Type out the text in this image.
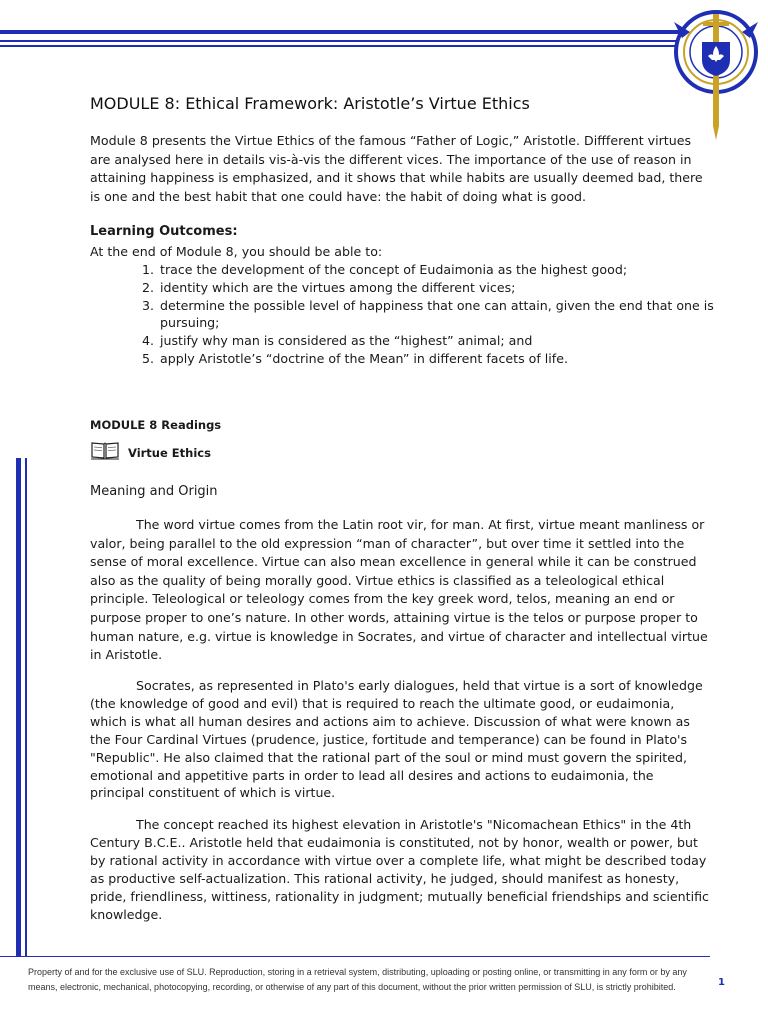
MODULE 8: Ethical Framework: Aristotle’s Virtue Ethics

Module 8 presents the Virtue Ethics of the famous “Father of Logic,” Aristotle. Diffferent virtues are analysed here in details vis-à-vis the different vices. The importance of the use of reason in attaining happiness is emphasized, and it shows that while habits are usually deemed bad, there is one and the best habit that one could have: the habit of doing what is good.

Learning Outcomes:
At the end of Module 8, you should be able to:
1. trace the development of the concept of Eudaimonia as the highest good;
2. identity which are the virtues among the different vices;
3. determine the possible level of happiness that one can attain, given the end that one is pursuing;
4. justify why man is considered as the “highest” animal; and
5. apply Aristotle’s “doctrine of the Mean” in different facets of life.
MODULE 8 Readings
Virtue Ethics
Meaning and Origin

The word virtue comes from the Latin root vir, for man. At first, virtue meant manliness or valor, being parallel to the old expression “man of character”, but over time it settled into the sense of moral excellence. Virtue can also mean excellence in general while it can be construed also as the quality of being morally good. Virtue ethics is classified as a teleological ethical principle. Teleological or teleology comes from the key greek word, telos, meaning an end or purpose proper to one’s nature. In other words, attaining virtue is the telos or purpose proper to human nature, e.g. virtue is knowledge in Socrates, and virtue of character and intellectual virtue in Aristotle.

Socrates, as represented in Plato's early dialogues, held that virtue is a sort of knowledge (the knowledge of good and evil) that is required to reach the ultimate good, or eudaimonia, which is what all human desires and actions aim to achieve. Discussion of what were known as the Four Cardinal Virtues (prudence, justice, fortitude and temperance) can be found in Plato's "Republic". He also claimed that the rational part of the soul or mind must govern the spirited, emotional and appetitive parts in order to lead all desires and actions to eudaimonia, the principal constituent of which is virtue.

The concept reached its highest elevation in Aristotle's "Nicomachean Ethics" in the 4th Century B.C.E.. Aristotle held that eudaimonia is constituted, not by honor, wealth or power, but by rational activity in accordance with virtue over a complete life, what might be described today as productive self-actualization. This rational activity, he judged, should manifest as honesty, pride, friendliness, wittiness, rationality in judgment; mutually beneficial friendships and scientific knowledge.

Property of and for the exclusive use of SLU. Reproduction, storing in a retrieval system, distributing, uploading or posting online, or transmitting in any form or by any means, electronic, mechanical, photocopying, recording, or otherwise of any part of this document, without the prior written permission of SLU, is strictly prohibited.	1
